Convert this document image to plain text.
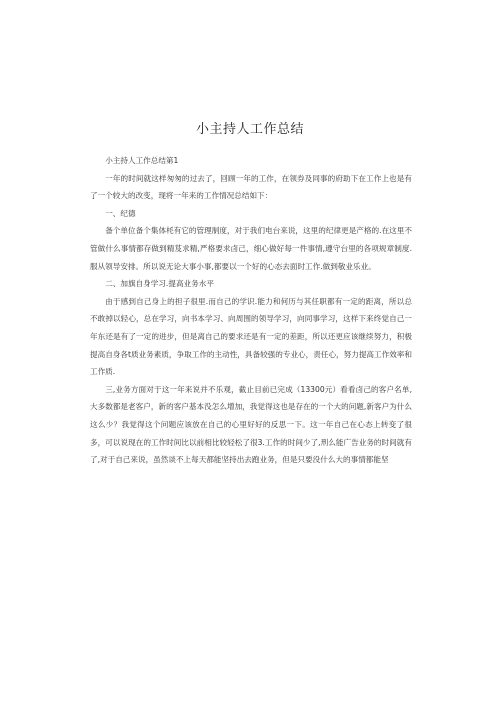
小主持人工作总结

小主持人工作总结第1

一年的时间就这样匆匆的过去了，回顾一年的工作，在领券及同事的府助下在工作上也是有了一个较大的改变，现将一年来的工作情况总结如下：

一、纪德

备个单位备个集体枆有它的管理制度，对于我们电台来说，这里的纪律更是产格的.在这里不管做什么事情都存做到精芨求精,严格要求卤己，细心做好每一件事情,遵守台里的各项规章制度.服从领导安排。所以说无论大事小事,都要以一个好的心态去面时工作.做到敬业乐业。

二、加旗自身学习.提高业务水平

由于感到自己身上的担子很里.而自己的学识.能力和何历与其任职都有一定的距离，所以总不敢掉以轻心，总在学习，向书本学习、向周围的领导学习，向同事学习，这样下来终觉自己一年东还是有了一定的进步，但是离自己的要求还是有一定的差距，所以还更应该继续努力，积极提高自身各t质业务素质，争取工作的主动性，具备较强的专业心，责任心，努力提高工作效率和工作质.

三,业务方面对于这一年来说并不乐观，截止目前已完成（13300元）看看卤己的客户名单,大多数都是老客户，新的客户基本没怎么增加，我觉得这也是存在的一个大的问题,新客户为什么这么少？我觉得这个问题应该放在自己的心里好好的反思一下。这一年自己在心态上转变了很多，可以说现在的工作时间比以前相比较轻松了很3.工作的时间少了,刑么能广告业务的时间就有了,对于自己来说，虽然谈不上每天都能坚持出去跑业务，但是只要没什么大的事情都能坚
